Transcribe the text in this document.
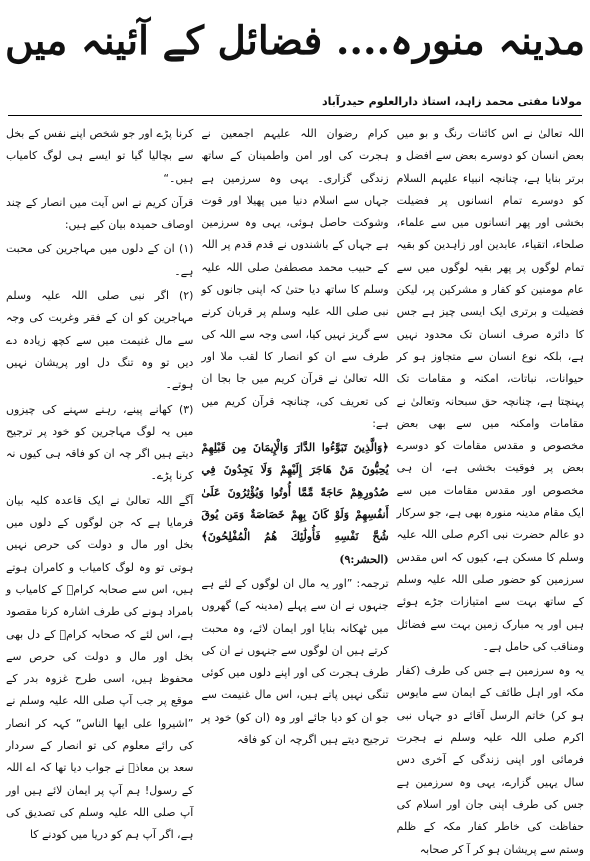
مدینہ منورہ.... فضائل کے آئینہ میں
مولانا مفتی محمد زاہد، استاذ دارالعلوم حیدرآباد

اللہ تعالیٰ نے اس کائنات رنگ و بو میں بعض انسان کو دوسرے بعض سے افضل و برتر بنایا ہے، چنانچہ انبیاء علیہم السلام کو دوسرے تمام انسانوں پر فضیلت بخشی اور پھر انسانوں میں سے علماء، صلحاء، اتقیاء، عابدین اور زاہدین کو بقیہ تمام لوگوں پر پھر بقیہ لوگوں میں سے عام مومنین کو کفار و مشرکین پر، لیکن فضیلت و برتری ایک ایسی چیز ہے جس کا دائرہ صرف انسان تک محدود نہیں ہے، بلکہ نوع انسان سے متجاوز ہو کر حیوانات، نباتات، امکنہ و مقامات تک پہنچتا ہے، چنانچہ حق سبحانہ وتعالیٰ نے مقامات وامکنہ میں سے بھی بعض مخصوص و مقدس مقامات کو دوسرے بعض پر فوقیت بخشی ہے، ان ہی مخصوص اور مقدس مقامات میں سے ایک مقام مدینہ منورہ بھی ہے، جو سرکار دو عالم حضرت نبی اکرم صلی اللہ علیہ وسلم کا مسکن ہے، کیوں کہ اس مقدس سرزمین کو حضور صلی اللہ علیہ وسلم کے ساتھ بہت سے امتیازات جڑے ہوئے ہیں اور یہ مبارک زمین بہت سے فضائل ومناقب کی حامل ہے۔

یہ وہ سرزمین ہے جس کی طرف (کفار مکہ اور اہل طائف کے ایمان سے مایوس ہو کر) خاتم الرسل آقائے دو جہاں نبی اکرم صلی اللہ علیہ وسلم نے ہجرت فرمائی اور اپنی زندگی کے آخری دس سال یہیں گزارے، یہی وہ سرزمین ہے جس کی طرف اپنی جان اور اسلام کی حفاظت کی خاطر کفار مکہ کے ظلم وستم سے پریشان ہو کر آ کر صحابہ

کرام رضوان اللہ علیہم اجمعین نے ہجرت کی اور امن واطمینان کے ساتھ زندگی گزاری۔ یہی وہ سرزمین ہے جہاں سے اسلام دنیا میں پھیلا اور قوت وشوکت حاصل ہوئی، یہی وہ سرزمین ہے جہاں کے باشندوں نے قدم قدم پر اللہ کے حبیب محمد مصطفیٰ صلی اللہ علیہ وسلم کا ساتھ دیا حتیٰ کہ اپنی جانوں کو نبی صلی اللہ علیہ وسلم پر قربان کرنے سے گریز نہیں کیا، اسی وجہ سے اللہ کی طرف سے ان کو انصار کا لقب ملا اور اللہ تعالیٰ نے قرآن کریم میں جا بجا ان کی تعریف کی، چنانچہ قرآن کریم میں ہے:

﴿وَالَّذِينَ تَبَوَّءُوا الدَّارَ وَالْإِيمَانَ مِن قَبْلِهِمْ يُحِبُّونَ مَنْ هَاجَرَ إِلَيْهِمْ وَلَا يَجِدُونَ فِي صُدُورِهِمْ حَاجَةً مِّمَّا أُوتُوا وَيُؤْثِرُونَ عَلَىٰ أَنفُسِهِمْ وَلَوْ كَانَ بِهِمْ خَصَاصَةٌ وَمَن يُوقَ شُحَّ نَفْسِهِ فَأُولَٰئِكَ هُمُ الْمُفْلِحُونَ﴾ (الحشر:۹)

ترجمہ: ”اور یہ مال ان لوگوں کے لئے ہے جنہوں نے ان سے پہلے (مدینہ کے) گھروں میں ٹھکانہ بنایا اور ایمان لائے، وہ محبت کرتے ہیں ان لوگوں سے جنہوں نے ان کی طرف ہجرت کی اور اپنے دلوں میں کوئی تنگی نہیں پاتے ہیں، اس مال غنیمت سے جو ان کو دیا جائے اور وہ (ان کو) خود پر ترجیح دیتے ہیں اگرچہ ان کو فاقہ

کرنا پڑے اور جو شخص اپنے نفس کے بخل سے بچالیا گیا تو ایسے ہی لوگ کامیاب ہیں۔“

قرآن کریم نے اس آیت میں انصار کے چند اوصاف حمیدہ بیان کیے ہیں:

(۱) ان کے دلوں میں مہاجرین کی محبت ہے۔

(۲) اگر نبی صلی اللہ علیہ وسلم مہاجرین کو ان کے فقر وغربت کی وجہ سے مال غنیمت میں سے کچھ زیادہ دے دیں تو وہ تنگ دل اور پریشان نہیں ہوتے۔

(۳) کھانے پینے، رہنے سہنے کی چیزوں میں یہ لوگ مہاجرین کو خود پر ترجیح دیتے ہیں اگر چہ ان کو فاقہ ہی کیوں نہ کرنا پڑے۔

آگے اللہ تعالیٰ نے ایک قاعدہ کلیہ بیان فرمایا ہے کہ جن لوگوں کے دلوں میں بخل اور مال و دولت کی حرص نہیں ہوتی تو وہ لوگ کامیاب و کامران ہوتے ہیں، اس سے صحابہ کرامؓ کے کامیاب و بامراد ہونے کی طرف اشارہ کرنا مقصود ہے، اس لئے کہ صحابہ کرامؓ کے دل بھی بخل اور مال و دولت کی حرص سے محفوظ ہیں، اسی طرح غزوہ بدر کے موقع پر جب آپ صلی اللہ علیہ وسلم نے ”اشیروا علی ایھا الناس“ کہہ کر انصار کی رائے معلوم کی تو انصار کے سردار سعد بن معاذؓ نے جواب دیا تھا کہ اے اللہ کے رسول! ہم آپ پر ایمان لائے ہیں اور آپ صلی اللہ علیہ وسلم کی تصدیق کی ہے، اگر آپ ہم کو دریا میں کودنے کا
